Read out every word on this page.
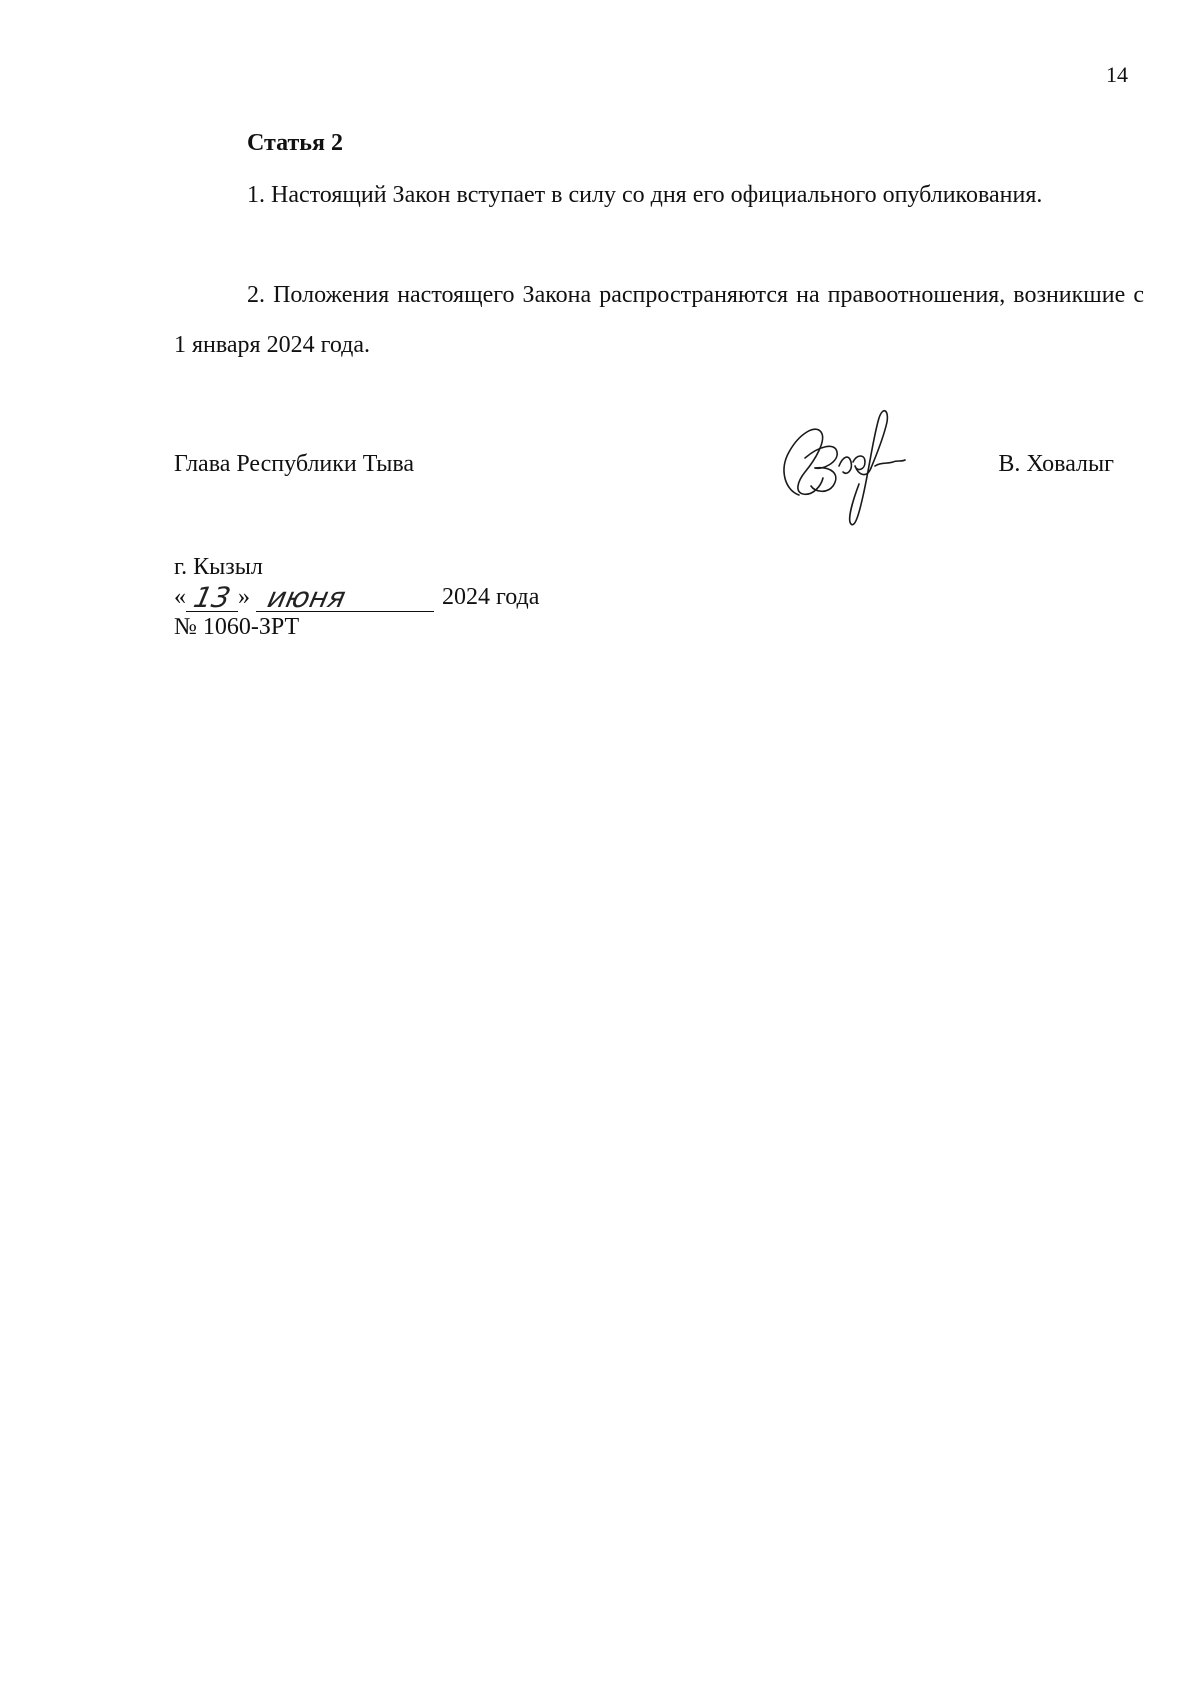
14
Статья 2

1. Настоящий Закон вступает в силу со дня его официального опубликования.

2. Положения настоящего Закона распространяются на правоотношения, возникшие с 1 января 2024 года.

Глава Республики Тыва	В. Ховалыг
г. Кызыл
« 13 » июня	2024 года
№ 1060-ЗРТ
